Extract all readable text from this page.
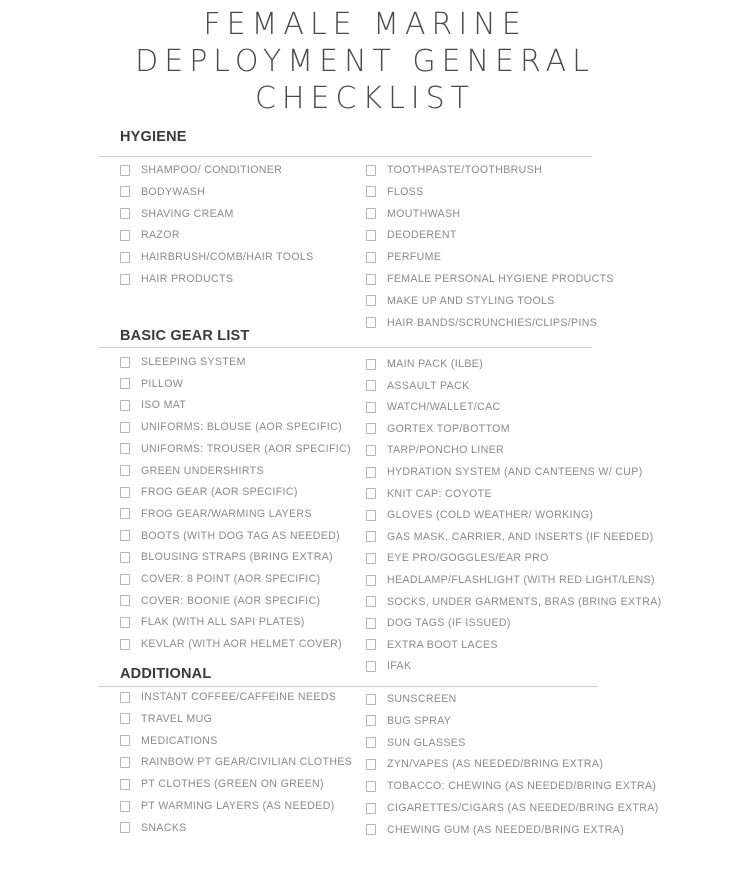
FEMALE MARINE
DEPLOYMENT GENERAL
CHECKLIST
HYGIENE
SHAMPOO/ CONDITIONER
BODYWASH
SHAVING CREAM
RAZOR
HAIRBRUSH/COMB/HAIR TOOLS
HAIR PRODUCTS
TOOTHPASTE/TOOTHBRUSH
FLOSS
MOUTHWASH
DEODERENT
PERFUME
FEMALE PERSONAL HYGIENE PRODUCTS
MAKE UP AND STYLING TOOLS
HAIR BANDS/SCRUNCHIES/CLIPS/PINS
BASIC GEAR LIST
SLEEPING SYSTEM
PILLOW
ISO MAT
UNIFORMS: BLOUSE (AOR SPECIFIC)
UNIFORMS: TROUSER (AOR SPECIFIC)
GREEN UNDERSHIRTS
FROG GEAR (AOR SPECIFIC)
FROG GEAR/WARMING LAYERS
BOOTS (WITH DOG TAG AS NEEDED)
BLOUSING STRAPS (BRING EXTRA)
COVER: 8 POINT (AOR SPECIFIC)
COVER: BOONIE (AOR SPECIFIC)
FLAK (WITH ALL SAPI PLATES)
KEVLAR (WITH AOR HELMET COVER)
MAIN PACK (ILBE)
ASSAULT PACK
WATCH/WALLET/CAC
GORTEX TOP/BOTTOM
TARP/PONCHO LINER
HYDRATION SYSTEM (AND CANTEENS W/ CUP)
KNIT CAP: COYOTE
GLOVES (COLD WEATHER/ WORKING)
GAS MASK, CARRIER, AND INSERTS (IF NEEDED)
EYE PRO/GOGGLES/EAR PRO
HEADLAMP/FLASHLIGHT (WITH RED LIGHT/LENS)
SOCKS, UNDER GARMENTS, BRAS (BRING EXTRA)
DOG TAGS (IF ISSUED)
EXTRA BOOT LACES
IFAK
ADDITIONAL
INSTANT COFFEE/CAFFEINE NEEDS
TRAVEL MUG
MEDICATIONS
RAINBOW PT GEAR/CIVILIAN CLOTHES
PT CLOTHES (GREEN ON GREEN)
PT WARMING LAYERS (AS NEEDED)
SNACKS
SUNSCREEN
BUG SPRAY
SUN GLASSES
ZYN/VAPES (AS NEEDED/BRING EXTRA)
TOBACCO: CHEWING (AS NEEDED/BRING EXTRA)
CIGARETTES/CIGARS (AS NEEDED/BRING EXTRA)
CHEWING GUM (AS NEEDED/BRING EXTRA)
